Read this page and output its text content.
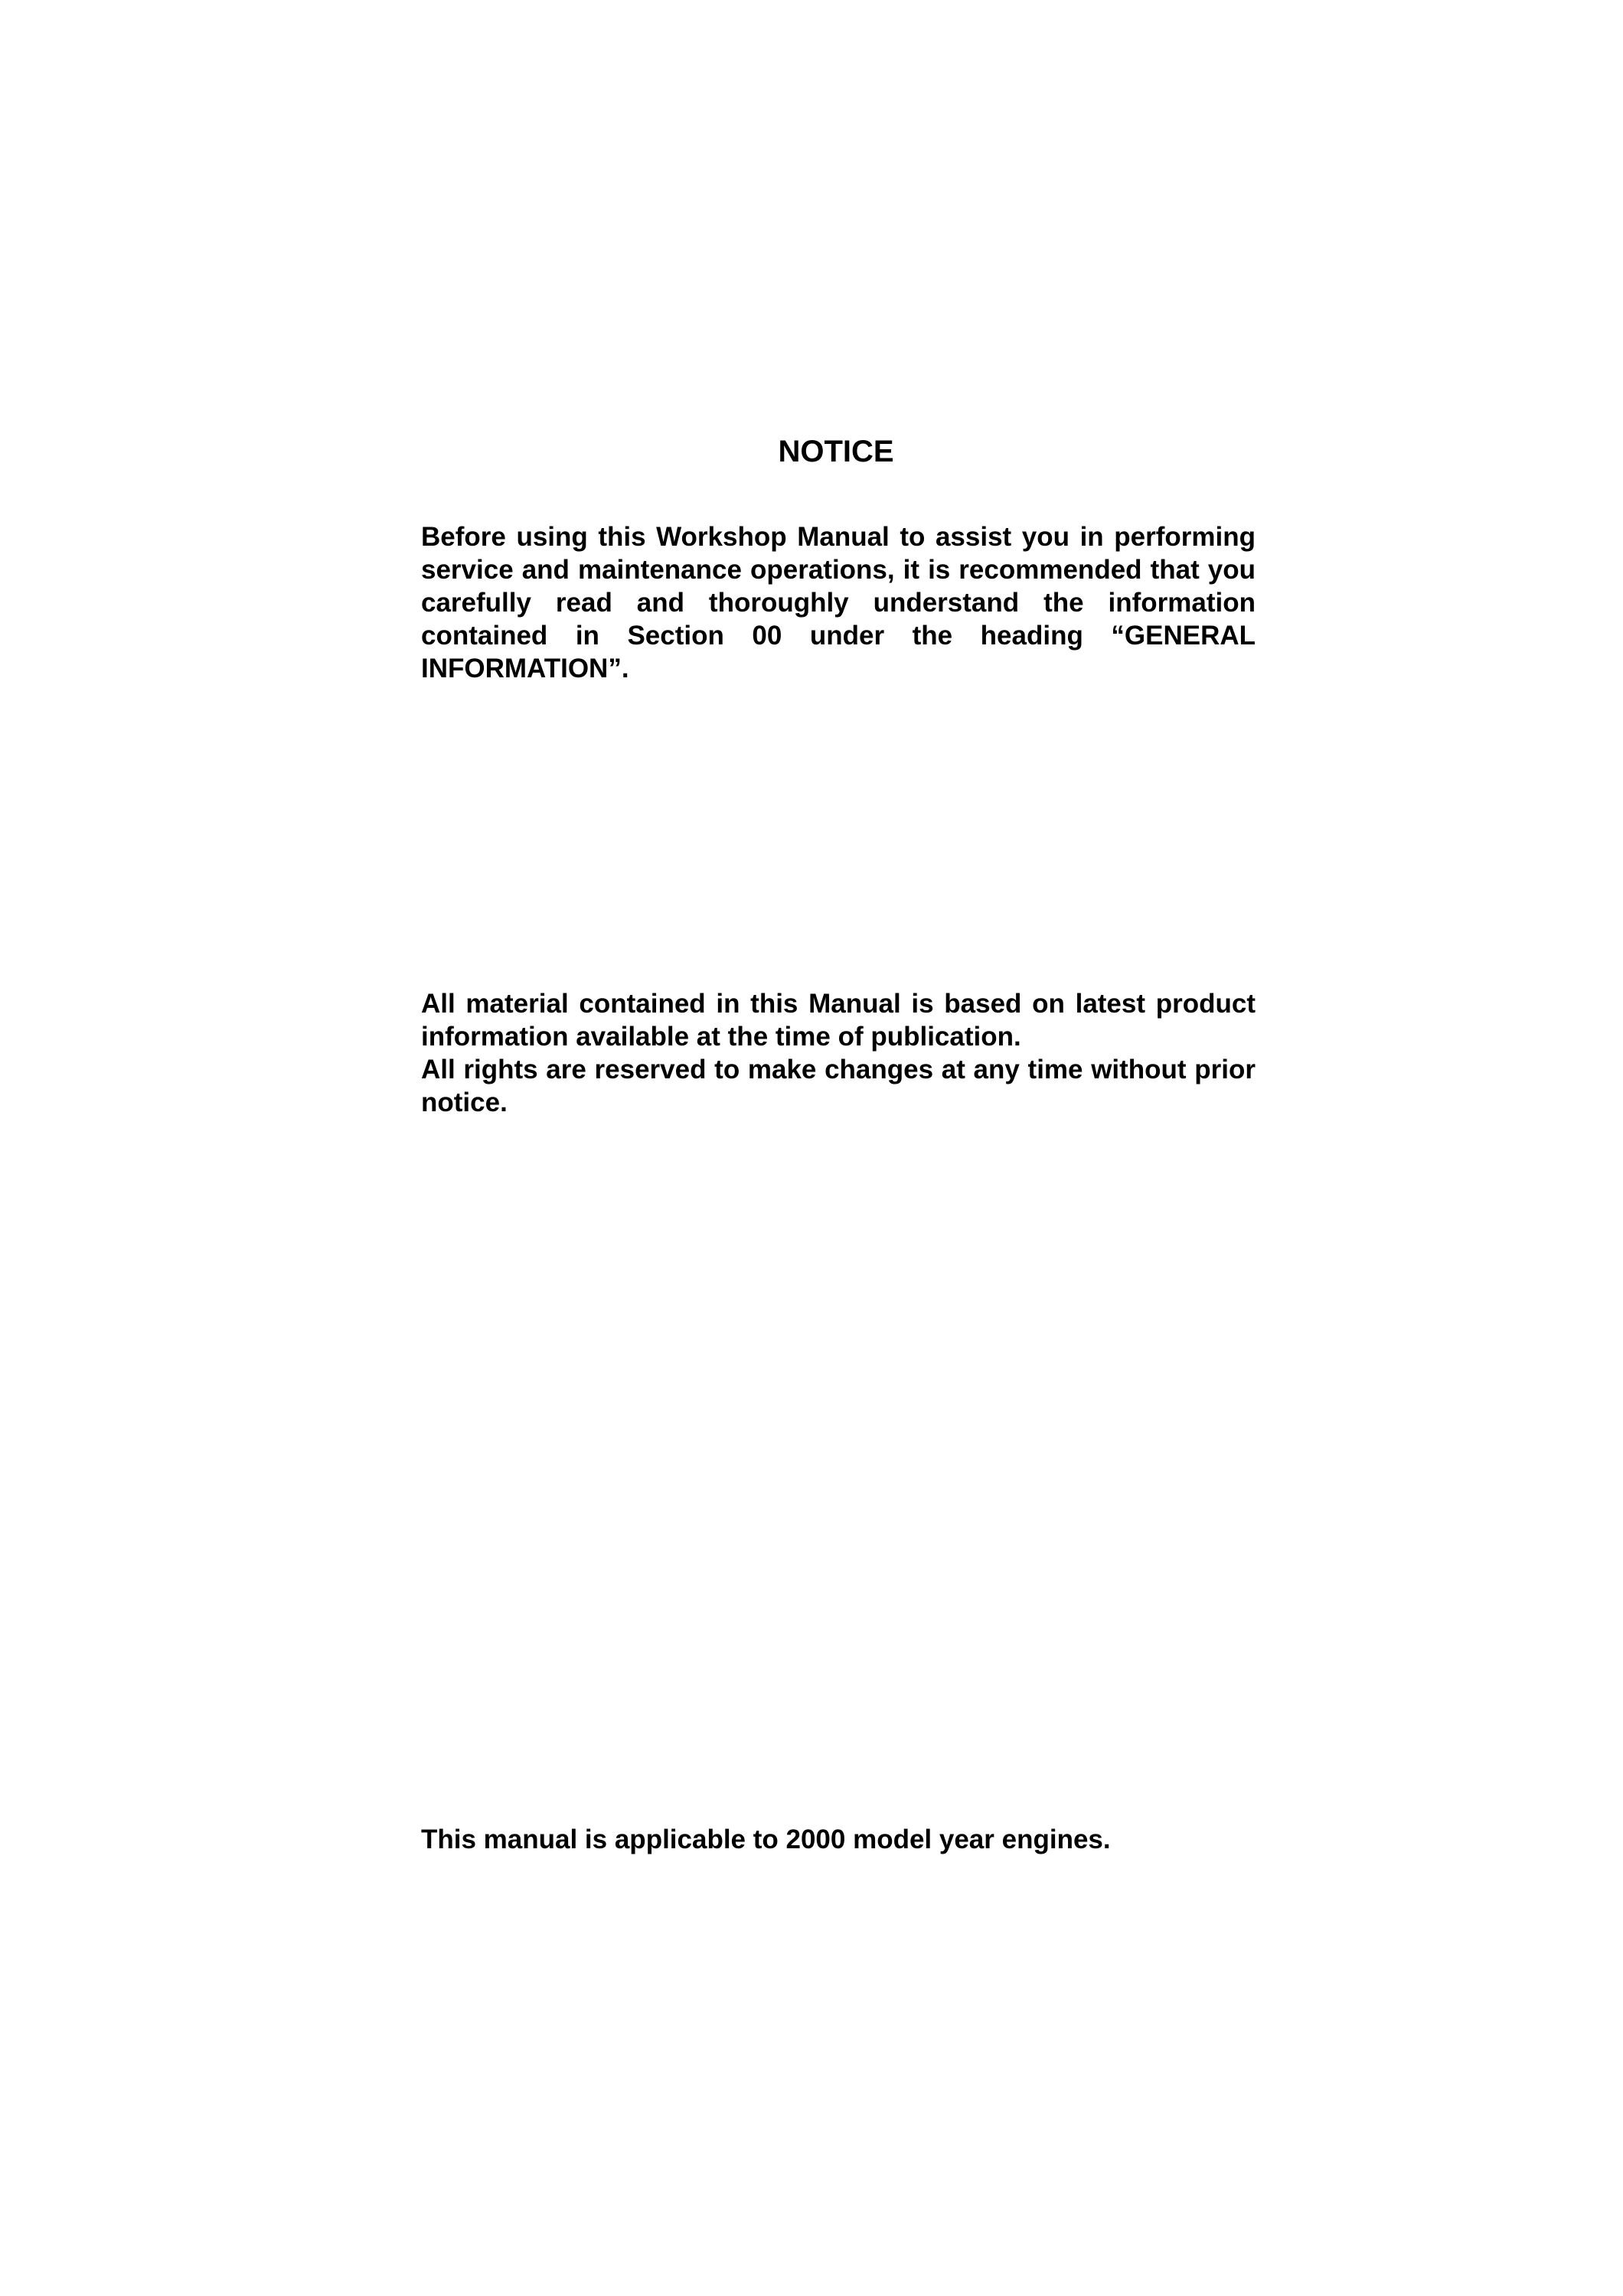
NOTICE

Before using this Workshop Manual to assist you in performing service and maintenance operations, it is recommended that you carefully read and thoroughly understand the information contained in Section 00 under the heading “GENERAL INFORMATION”.

All material contained in this Manual is based on latest product information available at the time of publication.

All rights are reserved to make changes at any time without prior notice.

This manual is applicable to 2000 model year engines.
